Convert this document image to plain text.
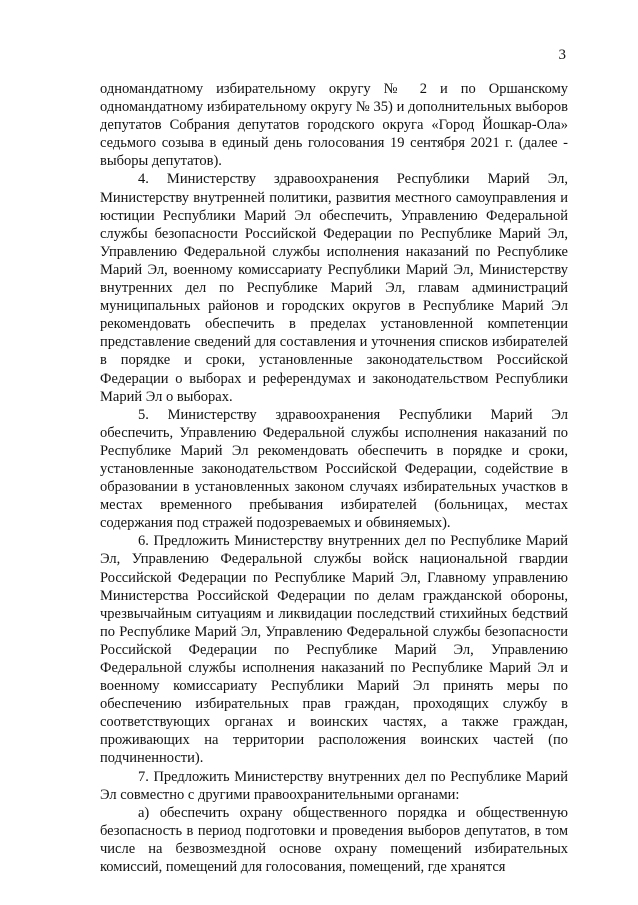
3

одномандатному избирательному округу № 2 и по Оршанскому одномандатному избирательному округу № 35) и дополнительных выборов депутатов Собрания депутатов городского округа «Город Йошкар-Ола» седьмого созыва в единый день голосования 19 сентября 2021 г. (далее - выборы депутатов).

4. Министерству здравоохранения Республики Марий Эл, Министерству внутренней политики, развития местного самоуправления и юстиции Республики Марий Эл обеспечить, Управлению Федеральной службы безопасности Российской Федерации по Республике Марий Эл, Управлению Федеральной службы исполнения наказаний по Республике Марий Эл, военному комиссариату Республики Марий Эл, Министерству внутренних дел по Республике Марий Эл, главам администраций муниципальных районов и городских округов в Республике Марий Эл рекомендовать обеспечить в пределах установленной компетенции представление сведений для составления и уточнения списков избирателей в порядке и сроки, установленные законодательством Российской Федерации о выборах и референдумах и законодательством Республики Марий Эл о выборах.

5. Министерству здравоохранения Республики Марий Эл обеспечить, Управлению Федеральной службы исполнения наказаний по Республике Марий Эл рекомендовать обеспечить в порядке и сроки, установленные законодательством Российской Федерации, содействие в образовании в установленных законом случаях избирательных участков в местах временного пребывания избирателей (больницах, местах содержания под стражей подозреваемых и обвиняемых).

6. Предложить Министерству внутренних дел по Республике Марий Эл, Управлению Федеральной службы войск национальной гвардии Российской Федерации по Республике Марий Эл, Главному управлению Министерства Российской Федерации по делам гражданской обороны, чрезвычайным ситуациям и ликвидации последствий стихийных бедствий по Республике Марий Эл, Управлению Федеральной службы безопасности Российской Федерации по Республике Марий Эл, Управлению Федеральной службы исполнения наказаний по Республике Марий Эл и военному комиссариату Республики Марий Эл принять меры по обеспечению избирательных прав граждан, проходящих службу в соответствующих органах и воинских частях, а также граждан, проживающих на территории расположения воинских частей (по подчиненности).

7. Предложить Министерству внутренних дел по Республике Марий Эл совместно с другими правоохранительными органами:

а) обеспечить охрану общественного порядка и общественную безопасность в период подготовки и проведения выборов депутатов, в том числе на безвозмездной основе охрану помещений избирательных комиссий, помещений для голосования, помещений, где хранятся
